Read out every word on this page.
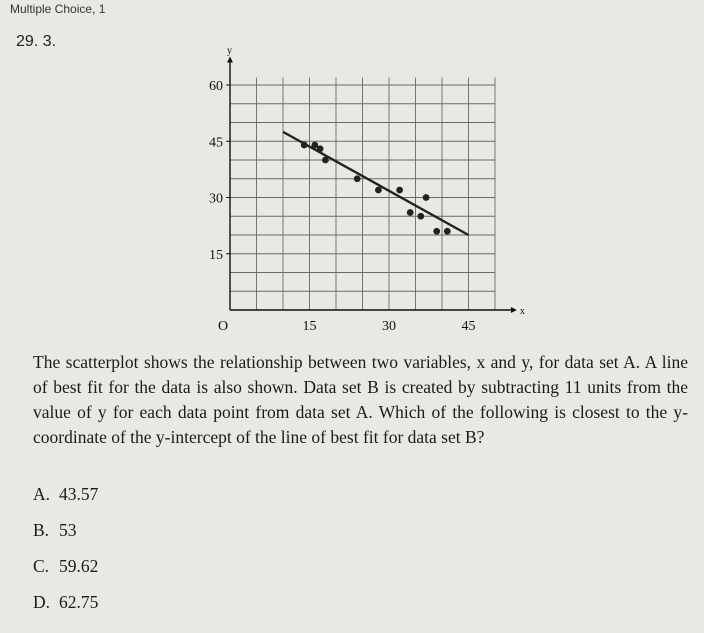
Multiple Choice, 1
29. 3.
x
y
15
30
45
60
15	30	45
O
The scatterplot shows the relationship between two variables, x and y, for data set A. A line of best fit for the data is also shown. Data set B is created by subtracting 11 units from the value of y for each data point from data set A. Which of the following is closest to the y-coordinate of the y-intercept of the line of best fit for data set B?
A. 43.57
B. 53
C. 59.62
D. 62.75
